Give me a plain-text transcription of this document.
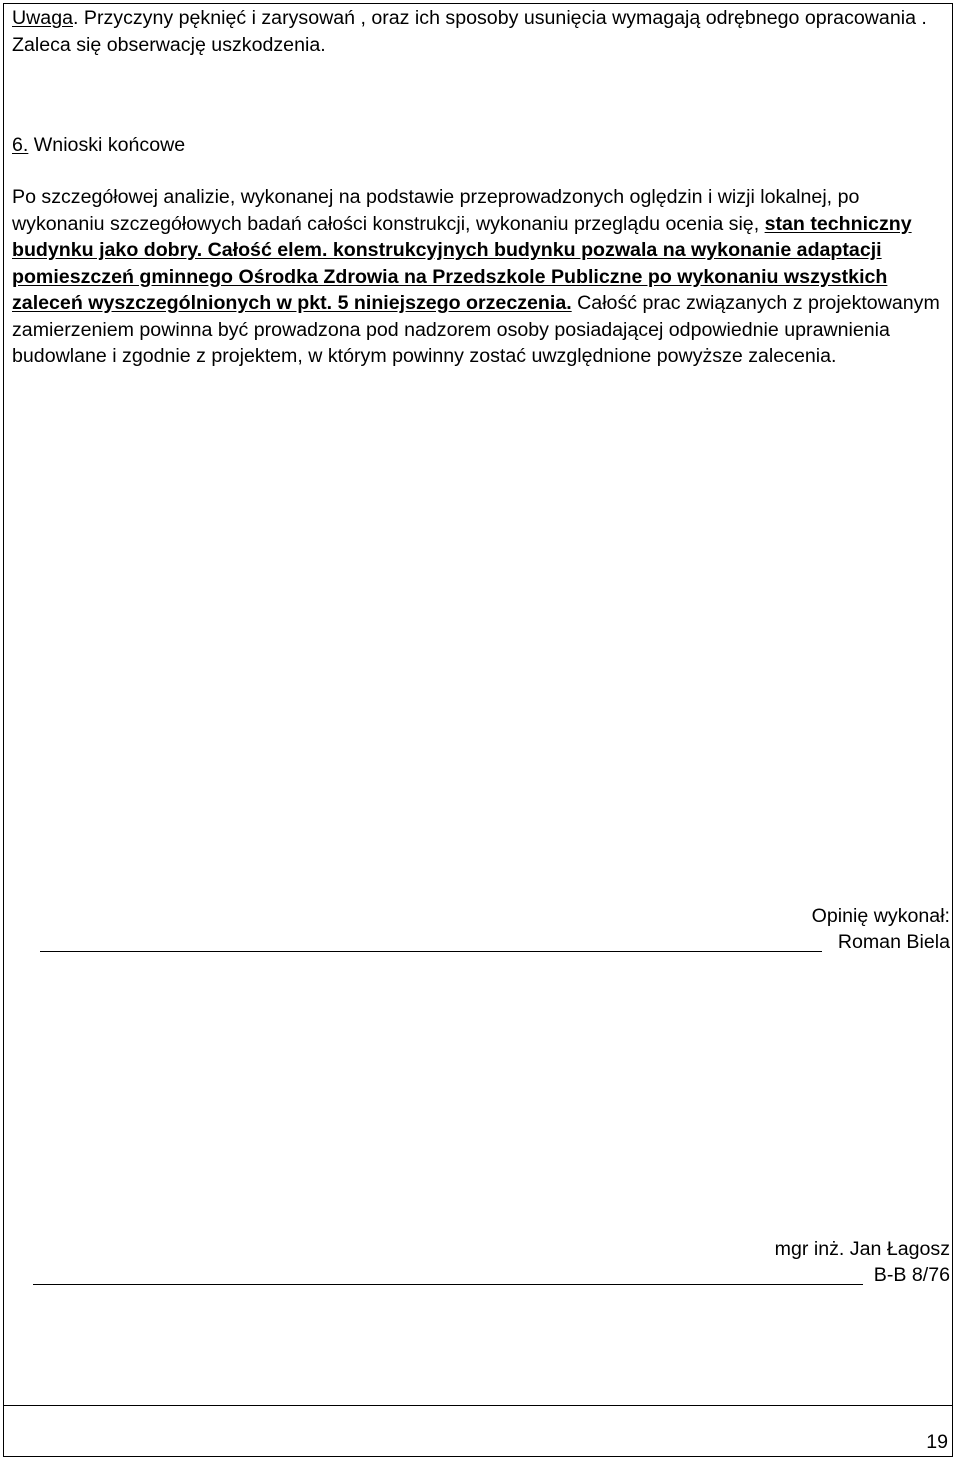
Uwaga. Przyczyny pęknięć i zarysowań , oraz ich sposoby usunięcia wymagają odrębnego opracowania . Zaleca się obserwację uszkodzenia.
6. Wnioski końcowe
Po szczegółowej analizie, wykonanej na podstawie przeprowadzonych oględzin i wizji lokalnej, po wykonaniu szczegółowych badań całości konstrukcji, wykonaniu przeglądu ocenia się, stan techniczny budynku jako dobry. Całość elem. konstrukcyjnych budynku pozwala na wykonanie adaptacji pomieszczeń gminnego Ośrodka Zdrowia na Przedszkole Publiczne po wykonaniu wszystkich zaleceń wyszczególnionych w pkt. 5 niniejszego orzeczenia. Całość prac związanych z projektowanym zamierzeniem powinna być prowadzona pod nadzorem osoby posiadającej odpowiednie uprawnienia budowlane i zgodnie z projektem, w którym powinny zostać uwzględnione powyższe zalecenia.
Opinię wykonał:
Roman Biela
mgr inż. Jan Łagosz
B-B 8/76
19
